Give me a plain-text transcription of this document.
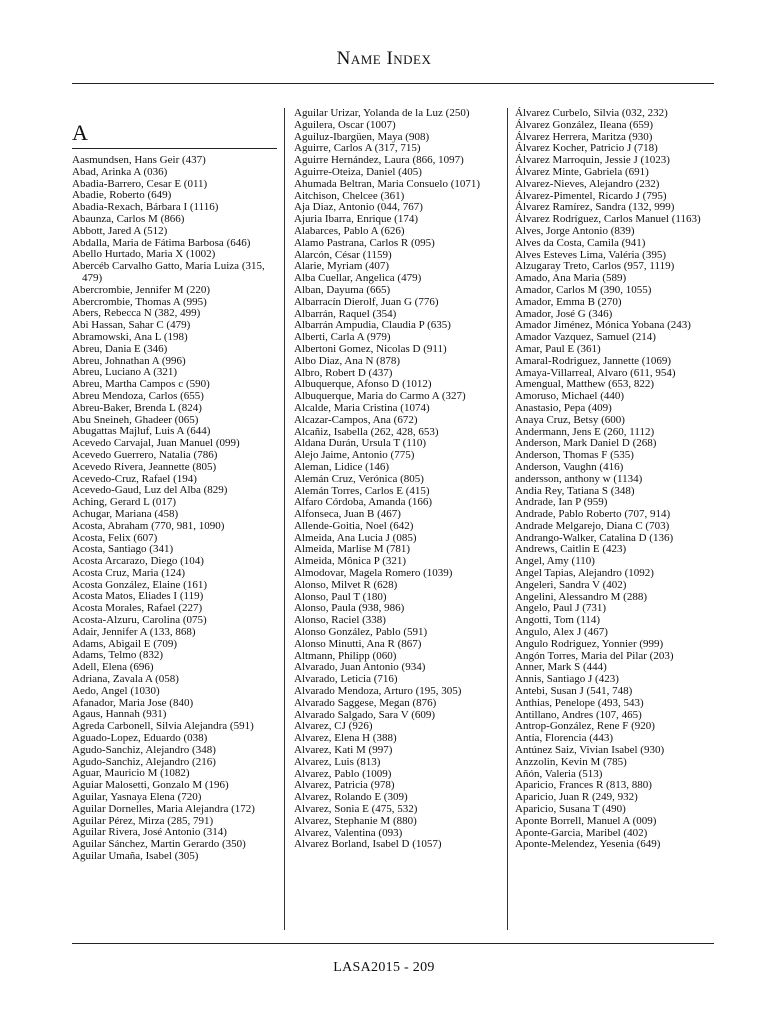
Name Index
A
Aasmundsen, Hans Geir (437)
Abad, Arinka A (036)
Abadia-Barrero, Cesar E (011)
Abadie, Roberto (649)
Abadia-Rexach, Bárbara I (1116)
Abaunza, Carlos M (866)
Abbott, Jared A (512)
Abdalla, Maria de Fátima Barbosa (646)
Abello Hurtado, Maria X (1002)
Abercéb Carvalho Gatto, Maria Luiza (315, 479)
Abercrombie, Jennifer M (220)
Abercrombie, Thomas A (995)
Abers, Rebecca N (382, 499)
Abi Hassan, Sahar C (479)
Abramowski, Ana L (198)
Abreu, Dania E (346)
Abreu, Johnathan A (996)
Abreu, Luciano A (321)
Abreu, Martha Campos c (590)
Abreu Mendoza, Carlos (655)
Abreu-Baker, Brenda L (824)
Abu Sneineh, Ghadeer (065)
Abugattas Majluf, Luis A (644)
Acevedo Carvajal, Juan Manuel (099)
Acevedo Guerrero, Natalia (786)
Acevedo Rivera, Jeannette (805)
Acevedo-Cruz, Rafael (194)
Acevedo-Gaud, Luz del Alba (829)
Aching, Gerard L (017)
Achugar, Mariana (458)
Acosta, Abraham (770, 981, 1090)
Acosta, Felix (607)
Acosta, Santiago (341)
Acosta Arcarazo, Diego (104)
Acosta Cruz, Maria (124)
Acosta González, Elaine (161)
Acosta Matos, Eliades I (119)
Acosta Morales, Rafael (227)
Acosta-Alzuru, Carolina (075)
Adair, Jennifer A (133, 868)
Adams, Abigail E (709)
Adams, Telmo (832)
Adell, Elena (696)
Adriana, Zavala A (058)
Aedo, Angel (1030)
Afanador, Maria Jose (840)
Agaus, Hannah (931)
Agreda Carbonell, Silvia Alejandra (591)
Aguado-Lopez, Eduardo (038)
Agudo-Sanchiz, Alejandro (348)
Agudo-Sanchiz, Alejandro (216)
Aguar, Mauricio M (1082)
Aguiar Malosetti, Gonzalo M (196)
Aguilar, Yasnaya Elena (720)
Aguilar Dornelles, Maria Alejandra (172)
Aguilar Pérez, Mirza (285, 791)
Aguilar Rivera, José Antonio (314)
Aguilar Sánchez, Martin Gerardo (350)
Aguilar Umaña, Isabel (305)
Aguilar Urizar, Yolanda de la Luz (250)
Aguilera, Oscar (1007)
Aguiluz-Ibargüen, Maya (908)
Aguirre, Carlos A (317, 715)
Aguirre Hernández, Laura (866, 1097)
Aguirre-Oteiza, Daniel (405)
Ahumada Beltran, Maria Consuelo (1071)
Aitchison, Chelcee (361)
Aja Diaz, Antonio (044, 767)
Ajuria Ibarra, Enrique (174)
Alabarces, Pablo A (626)
Alamo Pastrana, Carlos R (095)
Alarcón, César (1159)
Alarie, Myriam (407)
Alba Cuellar, Angelica (479)
Alban, Dayuma (665)
Albarracín Dierolf, Juan G (776)
Albarrán, Raquel (354)
Albarrán Ampudia, Claudia P (635)
Alberti, Carla A (979)
Albertoni Gomez, Nicolas D (911)
Albo Diaz, Ana N (878)
Albro, Robert D (437)
Albuquerque, Afonso D (1012)
Albuquerque, Maria do Carmo A (327)
Alcalde, Maria Cristina (1074)
Alcazar-Campos, Ana (672)
Alcañiz, Isabella (262, 428, 653)
Aldana Durán, Ursula T (110)
Alejo Jaime, Antonio (775)
Aleman, Lidice (146)
Alemán Cruz, Verónica (805)
Alemán Torres, Carlos E (415)
Alfaro Córdoba, Amanda (166)
Alfonseca, Juan B (467)
Allende-Goitia, Noel (642)
Almeida, Ana Lucia J (085)
Almeida, Marlise M (781)
Almeida, Mônica P (321)
Almodovar, Magela Romero (1039)
Alonso, Milvet R (628)
Alonso, Paul T (180)
Alonso, Paula (938, 986)
Alonso, Raciel (338)
Alonso González, Pablo (591)
Alonso Minutti, Ana R (867)
Altmann, Philipp (060)
Alvarado, Juan Antonio (934)
Alvarado, Leticia (716)
Alvarado Mendoza, Arturo (195, 305)
Alvarado Saggese, Megan (876)
Alvarado Salgado, Sara V (609)
Alvarez, CJ (926)
Alvarez, Elena H (388)
Alvarez, Kati M (997)
Alvarez, Luis (813)
Alvarez, Pablo (1009)
Alvarez, Patricia (978)
Alvarez, Rolando E (309)
Alvarez, Sonia E (475, 532)
Alvarez, Stephanie M (880)
Alvarez, Valentina (093)
Alvarez Borland, Isabel D (1057)
Álvarez Curbelo, Silvia (032, 232)
Álvarez González, Ileana (659)
Álvarez Herrera, Maritza (930)
Álvarez Kocher, Patricio J (718)
Álvarez Marroquin, Jessie J (1023)
Álvarez Minte, Gabriela (691)
Alvarez-Nieves, Alejandro (232)
Álvarez-Pimentel, Ricardo J (795)
Álvarez Ramírez, Sandra (132, 999)
Álvarez Rodríguez, Carlos Manuel (1163)
Alves, Jorge Antonio (839)
Alves da Costa, Camila (941)
Alves Esteves Lima, Valéria (395)
Alzugaray Treto, Carlos (957, 1119)
Amado, Ana Maria (589)
Amador, Carlos M (390, 1055)
Amador, Emma B (270)
Amador, José G (346)
Amador Jiménez, Mónica Yobana (243)
Amador Vazquez, Samuel (214)
Amar, Paul E (361)
Amaral-Rodriguez, Jannette (1069)
Amaya-Villarreal, Alvaro (611, 954)
Amengual, Matthew (653, 822)
Amoruso, Michael (440)
Anastasio, Pepa (409)
Anaya Cruz, Betsy (600)
Andermann, Jens E (260, 1112)
Anderson, Mark Daniel D (268)
Anderson, Thomas F (535)
Anderson, Vaughn (416)
andersson, anthony w (1134)
Andia Rey, Tatiana S (348)
Andrade, Ian P (959)
Andrade, Pablo Roberto (707, 914)
Andrade Melgarejo, Diana C (703)
Andrango-Walker, Catalina D (136)
Andrews, Caitlin E (423)
Angel, Amy (110)
Angel Tapias, Alejandro (1092)
Angeleri, Sandra V (402)
Angelini, Alessandro M (288)
Angelo, Paul J (731)
Angotti, Tom (114)
Angulo, Alex J (467)
Angulo Rodriguez, Yonnier (999)
Angón Torres, Maria del Pilar (203)
Anner, Mark S (444)
Annis, Santiago J (423)
Antebi, Susan J (541, 748)
Anthias, Penelope (493, 543)
Antillano, Andres (107, 465)
Antrop-González, Rene F (920)
Antía, Florencia (443)
Antúnez Saiz, Vivian Isabel (930)
Anzzolin, Kevin M (785)
Añón, Valeria (513)
Aparicio, Frances R (813, 880)
Aparicio, Juan R (249, 932)
Aparicio, Susana T (490)
Aponte Borrell, Manuel A (009)
Aponte-Garcia, Maribel (402)
Aponte-Melendez, Yesenia (649)
LASA2015 - 209
